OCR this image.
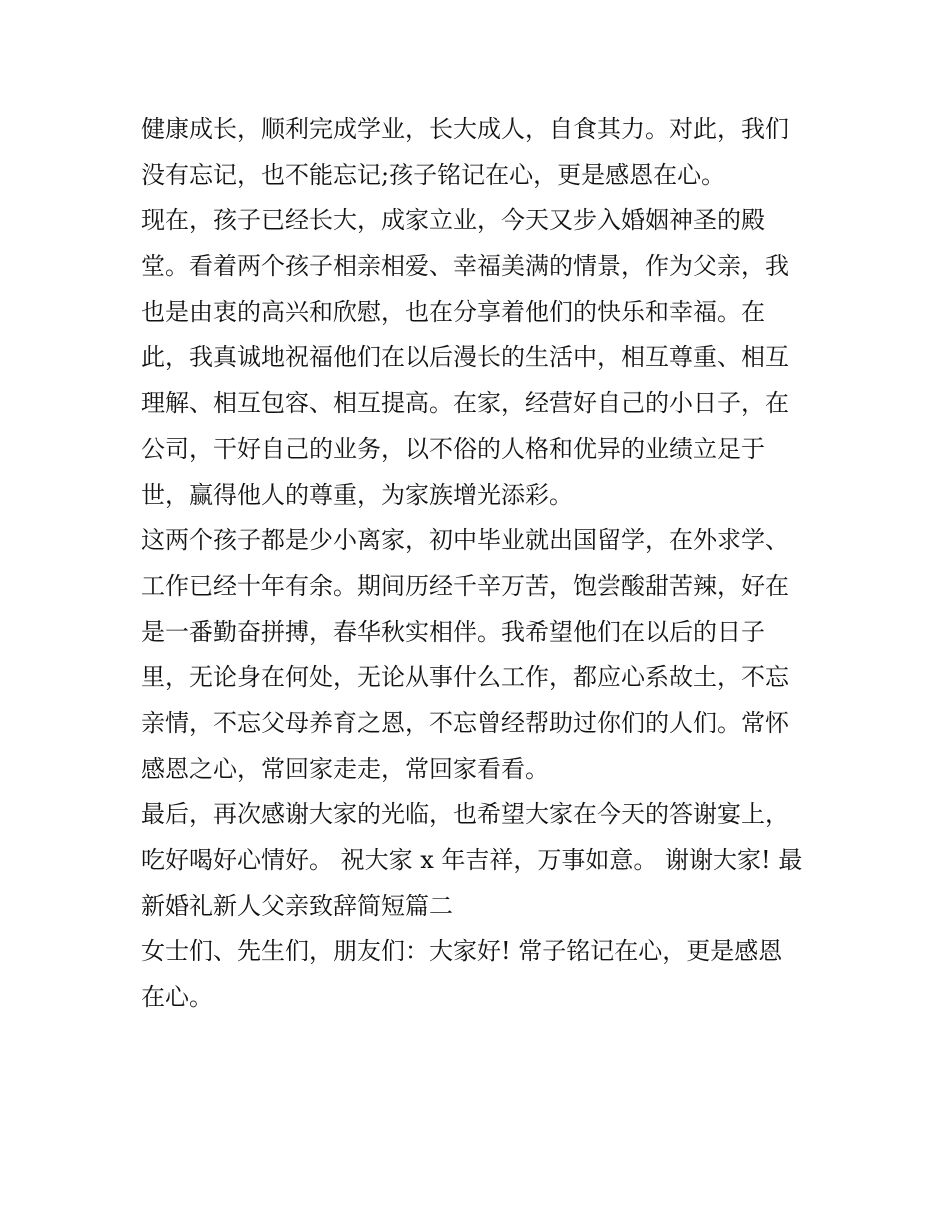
健康成长，顺利完成学业，长大成人，自食其力。对此，我们
没有忘记，也不能忘记;孩子铭记在心，更是感恩在心。
现在，孩子已经长大，成家立业，今天又步入婚姻神圣的殿
堂。看着两个孩子相亲相爱、幸福美满的情景，作为父亲，我
也是由衷的高兴和欣慰，也在分享着他们的快乐和幸福。在
此，我真诚地祝福他们在以后漫长的生活中，相互尊重、相互
理解、相互包容、相互提高。在家，经营好自己的小日子，在
公司，干好自己的业务，以不俗的人格和优异的业绩立足于
世，赢得他人的尊重，为家族增光添彩。
这两个孩子都是少小离家，初中毕业就出国留学，在外求学、
工作已经十年有余。期间历经千辛万苦，饱尝酸甜苦辣，好在
是一番勤奋拼搏，春华秋实相伴。我希望他们在以后的日子
里，无论身在何处，无论从事什么工作，都应心系故土，不忘
亲情，不忘父母养育之恩，不忘曾经帮助过你们的人们。常怀
感恩之心，常回家走走，常回家看看。
最后，再次感谢大家的光临，也希望大家在今天的答谢宴上，
吃好喝好心情好。 祝大家 x 年吉祥，万事如意。 谢谢大家! 最
新婚礼新人父亲致辞简短篇二
女士们、先生们，朋友们：大家好! 常子铭记在心，更是感恩
在心。
